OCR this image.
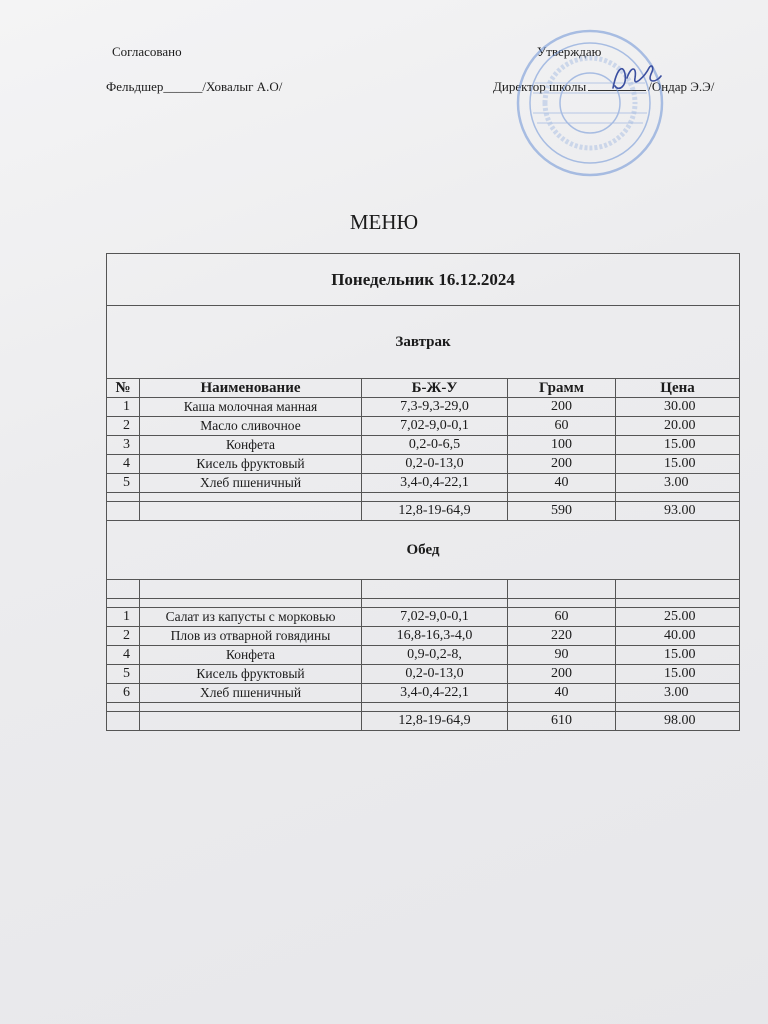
Согласовано
Фельдшер______/Ховалыг А.О/
Утверждаю
Директор школы	/Ондар Э.Э/
МЕНЮ
Понедельник 16.12.2024				
Завтрак				
№	Наименование	Б-Ж-У	Грамм	Цена
1	Каша молочная манная	7,3-9,3-29,0	200	30.00
2	Масло сливочное	7,02-9,0-0,1	60	20.00
3	Конфета	0,2-0-6,5	100	15.00
4	Кисель фруктовый	0,2-0-13,0	200	15.00
5	Хлеб пшеничный	3,4-0,4-22,1	40	3.00

		12,8-19-64,9	590	93.00
Обед				

1	Салат из капусты с морковью	7,02-9,0-0,1	60	25.00
2	Плов из отварной говядины	16,8-16,3-4,0	220	40.00
4	Конфета	0,9-0,2-8,	90	15.00
5	Кисель фруктовый	0,2-0-13,0	200	15.00
6	Хлеб пшеничный	3,4-0,4-22,1	40	3.00

		12,8-19-64,9	610	98.00
